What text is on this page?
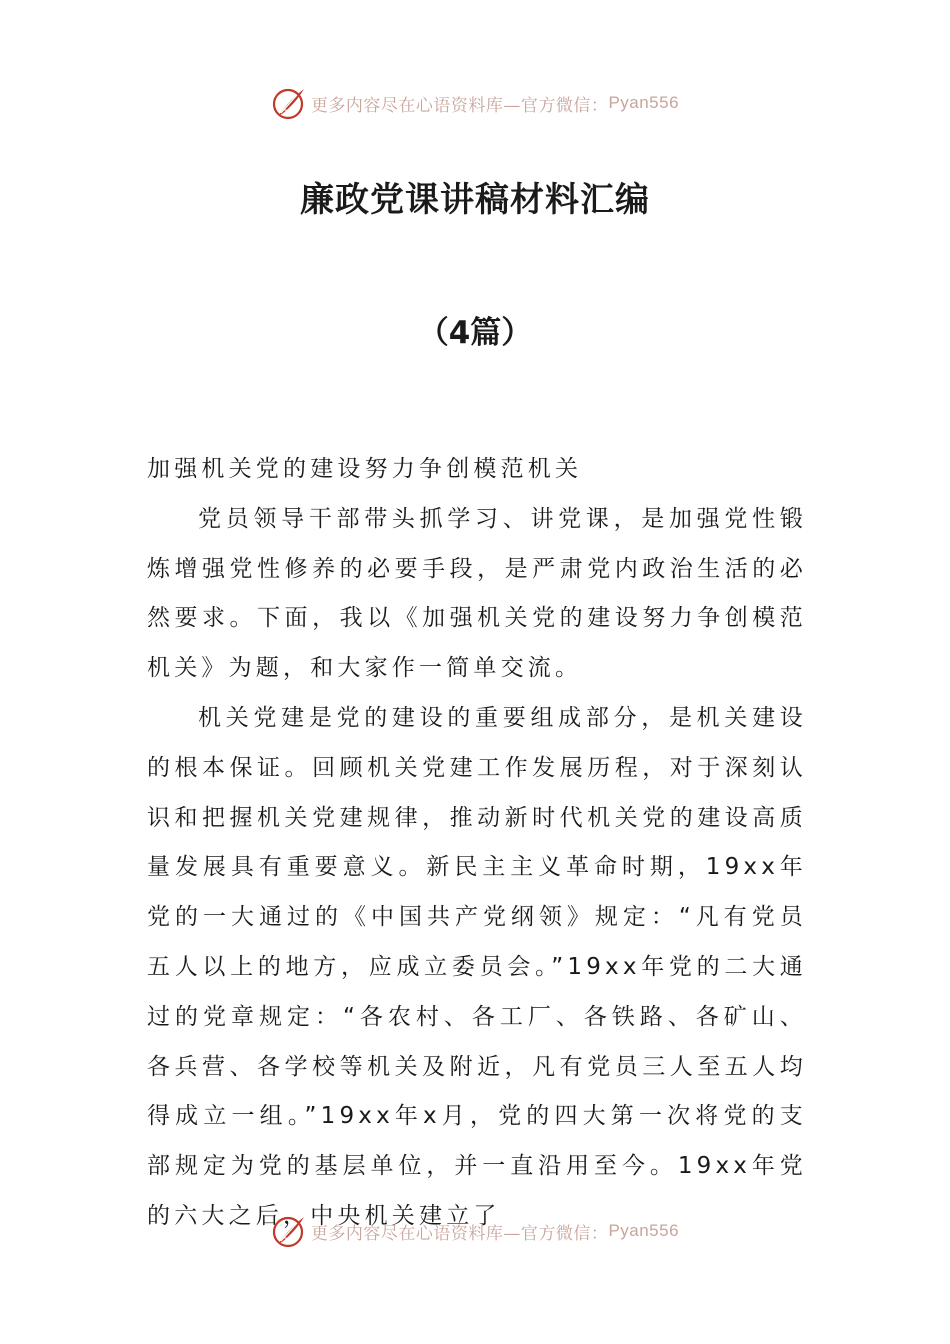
更多内容尽在心语资料库—官方微信： Pyan556
廉政党课讲稿材料汇编
（4篇）

加强机关党的建设努力争创模范机关

党员领导干部带头抓学习、讲党课，是加强党性锻炼增强党性修养的必要手段，是严肃党内政治生活的必然要求。下面，我以《加强机关党的建设努力争创模范机关》为题，和大家作一简单交流。

机关党建是党的建设的重要组成部分，是机关建设的根本保证。回顾机关党建工作发展历程，对于深刻认识和把握机关党建规律，推动新时代机关党的建设高质量发展具有重要意义。新民主主义革命时期，19xx年党的一大通过的《中国共产党纲领》规定：“凡有党员五人以上的地方，应成立委员会。”19xx年党的二大通过的党章规定：“各农村、各工厂、各铁路、各矿山、各兵营、各学校等机关及附近，凡有党员三人至五人均得成立一组。”19xx年x月，党的四大第一次将党的支部规定为党的基层单位，并一直沿用至今。19xx年党的六大之后，中央机关建立了

更多内容尽在心语资料库—官方微信： Pyan556
